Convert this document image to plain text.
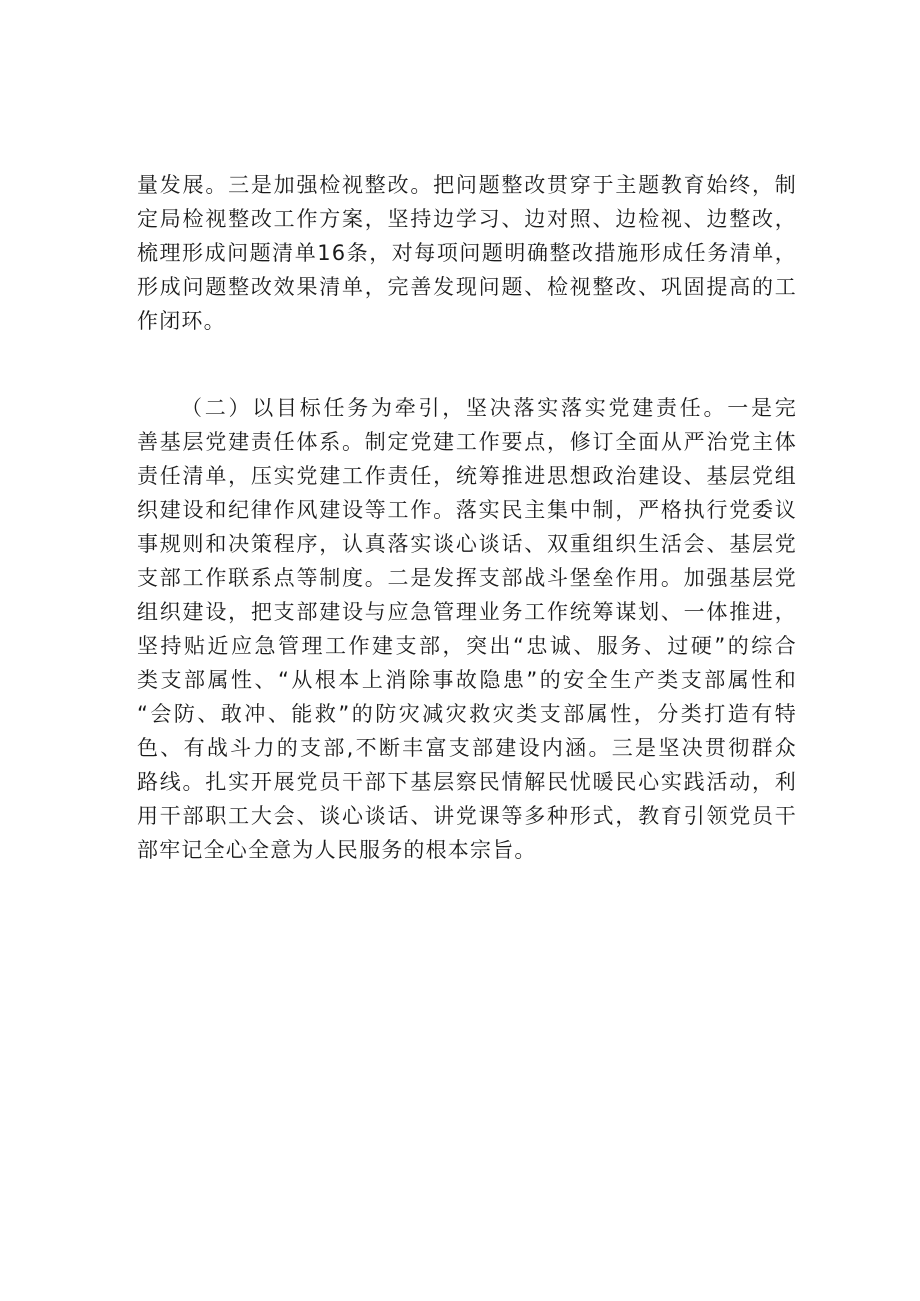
量发展。三是加强检视整改。把问题整改贯穿于主题教育始终，制
定局检视整改工作方案，坚持边学习、边对照、边检视、边整改，
梳理形成问题清单16条，对每项问题明确整改措施形成任务清单，
形成问题整改效果清单，完善发现问题、检视整改、巩固提高的工
作闭环。
（二）以目标任务为牵引，坚决落实落实党建责任。一是完
善基层党建责任体系。制定党建工作要点，修订全面从严治党主体
责任清单，压实党建工作责任，统筹推进思想政治建设、基层党组
织建设和纪律作风建设等工作。落实民主集中制，严格执行党委议
事规则和决策程序，认真落实谈心谈话、双重组织生活会、基层党
支部工作联系点等制度。二是发挥支部战斗堡垒作用。加强基层党
组织建设，把支部建设与应急管理业务工作统筹谋划、一体推进，
坚持贴近应急管理工作建支部，突出“忠诚、服务、过硬”的综合
类支部属性、“从根本上消除事故隐患”的安全生产类支部属性和
“会防、敢冲、能救”的防灾减灾救灾类支部属性，分类打造有特
色、有战斗力的支部,不断丰富支部建设内涵。三是坚决贯彻群众
路线。扎实开展党员干部下基层察民情解民忧暖民心实践活动，利
用干部职工大会、谈心谈话、讲党课等多种形式，教育引领党员干
部牢记全心全意为人民服务的根本宗旨。
